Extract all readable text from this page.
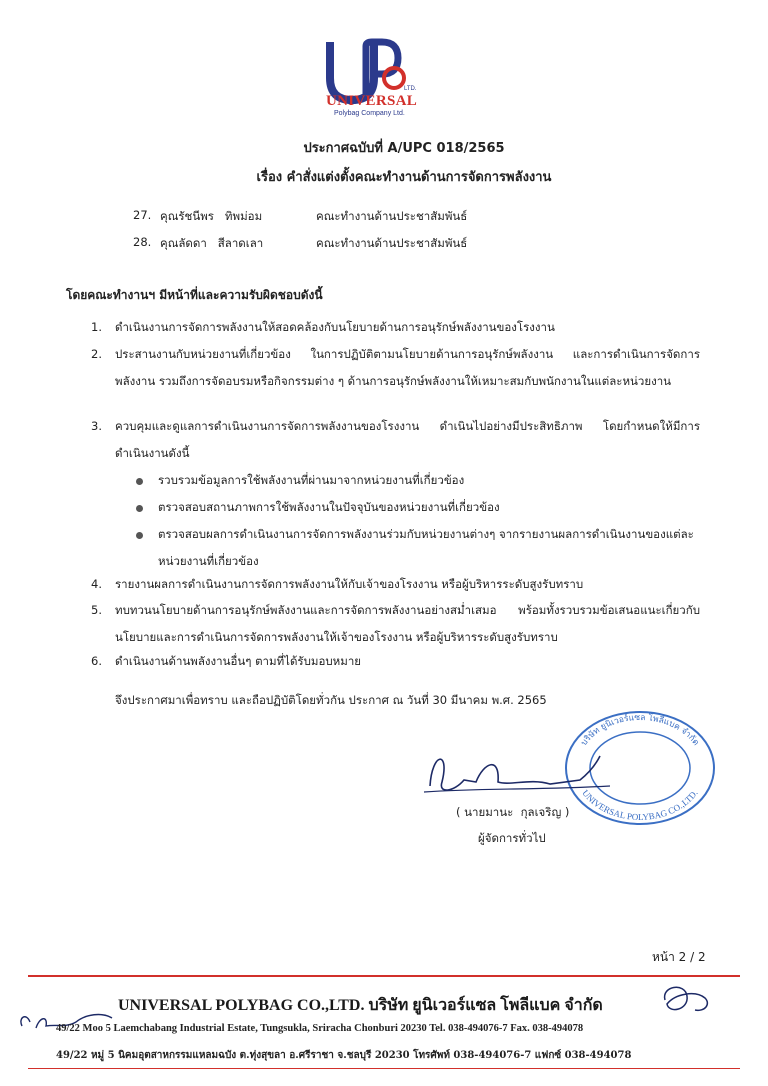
LTD.
UNIVERSAL
Polybag Company Ltd.
ประกาศฉบับที่ A/UPC 018/2565
เรื่อง คำสั่งแต่งตั้งคณะทำงานด้านการจัดการพลังงาน
27. คุณรัชนีพร   ทิพม่อม	คณะทำงานด้านประชาสัมพันธ์
28. คุณลัดดา   สีลาดเลา	คณะทำงานด้านประชาสัมพันธ์
โดยคณะทำงานฯ มีหน้าที่และความรับผิดชอบดังนี้
1. ดำเนินงานการจัดการพลังงานให้สอดคล้องกับนโยบายด้านการอนุรักษ์พลังงานของโรงงาน
2. ประสานงานกับหน่วยงานที่เกี่ยวข้อง ในการปฏิบัติตามนโยบายด้านการอนุรักษ์พลังงาน และการดำเนินการจัดการพลังงาน รวมถึงการจัดอบรมหรือกิจกรรมต่าง ๆ ด้านการอนุรักษ์พลังงานให้เหมาะสมกับพนักงานในแต่ละหน่วยงาน
3. ควบคุมและดูแลการดำเนินงานการจัดการพลังงานของโรงงาน ดำเนินไปอย่างมีประสิทธิภาพ โดยกำหนดให้มีการดำเนินงานดังนี้
รวบรวมข้อมูลการใช้พลังงานที่ผ่านมาจากหน่วยงานที่เกี่ยวข้อง
ตรวจสอบสถานภาพการใช้พลังงานในปัจจุบันของหน่วยงานที่เกี่ยวข้อง
ตรวจสอบผลการดำเนินงานการจัดการพลังงานร่วมกับหน่วยงานต่างๆ จากรายงานผลการดำเนินงานของแต่ละหน่วยงานที่เกี่ยวข้อง
4. รายงานผลการดำเนินงานการจัดการพลังงานให้กับเจ้าของโรงงาน หรือผู้บริหารระดับสูงรับทราบ
5. ทบทวนนโยบายด้านการอนุรักษ์พลังงานและการจัดการพลังงานอย่างสม่ำเสมอ พร้อมทั้งรวบรวมข้อเสนอแนะเกี่ยวกับนโยบายและการดำเนินการจัดการพลังงานให้เจ้าของโรงงาน หรือผู้บริหารระดับสูงรับทราบ
6. ดำเนินงานด้านพลังงานอื่นๆ ตามที่ได้รับมอบหมาย
จึงประกาศมาเพื่อทราบ และถือปฏิบัติโดยทั่วกัน ประกาศ ณ วันที่ 30 มีนาคม พ.ศ. 2565
บริษัท ยูนิเวอร์แซล โพลีแบค จำกัด
UNIVERSAL POLYBAG CO.,LTD.
( นายมานะ  กุลเจริญ )
ผู้จัดการทั่วไป
หน้า 2 / 2
UNIVERSAL POLYBAG CO.,LTD. บริษัท ยูนิเวอร์แซล โพลีแบค จำกัด
49/22 Moo 5 Laemchabang Industrial Estate, Tungsukla, Sriracha Chonburi 20230 Tel. 038-494076-7 Fax. 038-494078
49/22 หมู่ 5 นิคมอุตสาหกรรมแหลมฉบัง ต.ทุ่งสุขลา อ.ศรีราชา จ.ชลบุรี 20230 โทรศัพท์ 038-494076-7 แฟกซ์ 038-494078
